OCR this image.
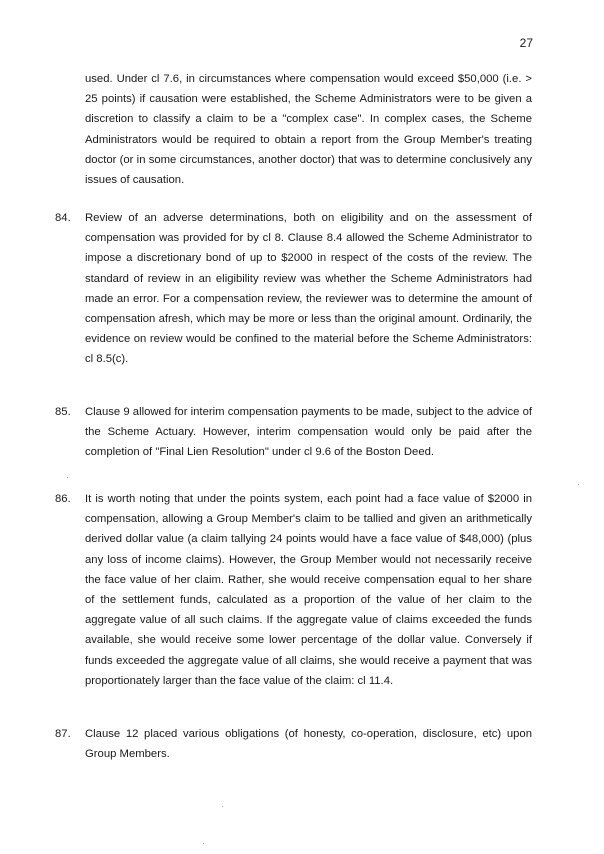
27

used. Under cl 7.6, in circumstances where compensation would exceed $50,000 (i.e. > 25 points) if causation were established, the Scheme Administrators were to be given a discretion to classify a claim to be a "complex case". In complex cases, the Scheme Administrators would be required to obtain a report from the Group Member's treating doctor (or in some circumstances, another doctor) that was to determine conclusively any issues of causation.

84. Review of an adverse determinations, both on eligibility and on the assessment of compensation was provided for by cl 8. Clause 8.4 allowed the Scheme Administrator to impose a discretionary bond of up to $2000 in respect of the costs of the review. The standard of review in an eligibility review was whether the Scheme Administrators had made an error. For a compensation review, the reviewer was to determine the amount of compensation afresh, which may be more or less than the original amount. Ordinarily, the evidence on review would be confined to the material before the Scheme Administrators: cl 8.5(c).

85. Clause 9 allowed for interim compensation payments to be made, subject to the advice of the Scheme Actuary. However, interim compensation would only be paid after the completion of "Final Lien Resolution" under cl 9.6 of the Boston Deed.

86. It is worth noting that under the points system, each point had a face value of $2000 in compensation, allowing a Group Member's claim to be tallied and given an arithmetically derived dollar value (a claim tallying 24 points would have a face value of $48,000) (plus any loss of income claims). However, the Group Member would not necessarily receive the face value of her claim. Rather, she would receive compensation equal to her share of the settlement funds, calculated as a proportion of the value of her claim to the aggregate value of all such claims. If the aggregate value of claims exceeded the funds available, she would receive some lower percentage of the dollar value. Conversely if funds exceeded the aggregate value of all claims, she would receive a payment that was proportionately larger than the face value of the claim: cl 11.4.

87. Clause 12 placed various obligations (of honesty, co-operation, disclosure, etc) upon Group Members.
